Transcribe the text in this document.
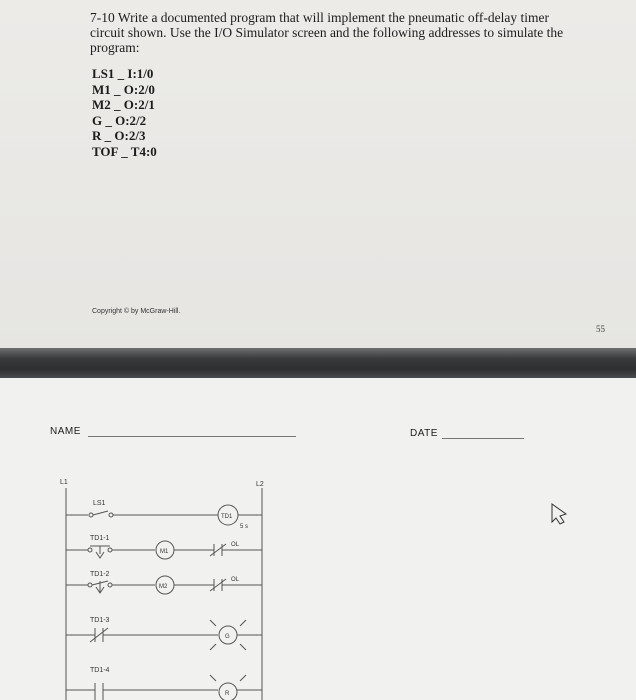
7-10 Write a documented program that will implement the pneumatic off-delay timer
circuit shown. Use the I/O Simulator screen and the following addresses to simulate the
program:
LS1 _ I:1/0
M1 _ O:2/0
M2 _ O:2/1
G _ O:2/2
R _ O:2/3
TOF _ T4:0
Copyright © by McGraw-Hill.
55
NAME	DATE
L1	L2
LS1
TD1-1
TD1-2
TD1-3
TD1-4
TD1
5 s
M1
M2
OL
OL
G
R
